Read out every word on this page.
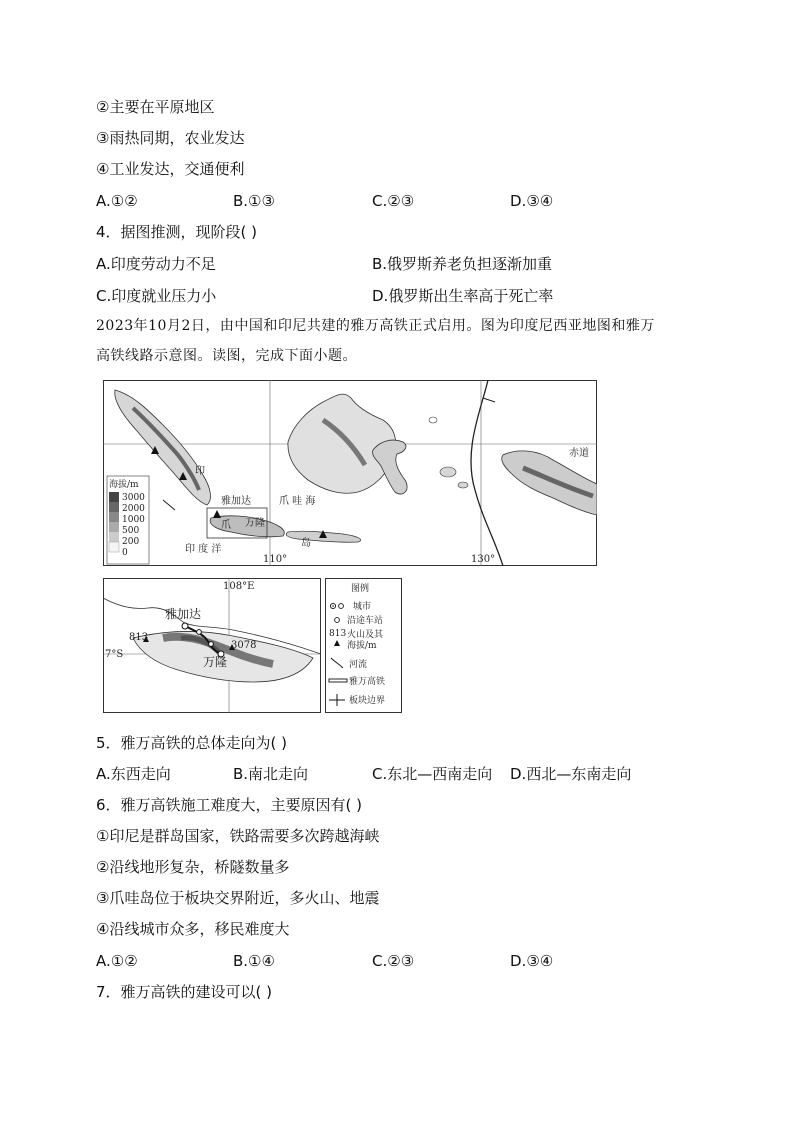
②主要在平原地区
③雨热同期，农业发达
④工业发达，交通便利
A.①②	B.①③	C.②③	D.③④
4．据图推测，现阶段( )
A.印度劳动力不足	B.俄罗斯养老负担逐渐加重
C.印度就业压力小	D.俄罗斯出生率高于死亡率
2023年10月2日，由中国和印尼共建的雅万高铁正式启用。图为印度尼西亚地图和雅万
高铁线路示意图。读图，完成下面小题。
赤道
110°	130°
雅加达
万隆
爪
爪 哇 海
岛
印 度 洋
印
海拔/m
3000
2000
1000
500
200
0
108°E
7°S
雅加达
万隆
813
3078
图例
城市
沿途车站
813 火山及其
海拔/m
河流
雅万高铁
板块边界
5．雅万高铁的总体走向为( )
A.东西走向	B.南北走向	C.东北—西南走向 D.西北—东南走向
6．雅万高铁施工难度大，主要原因有( )
①印尼是群岛国家，铁路需要多次跨越海峡
②沿线地形复杂，桥隧数量多
③爪哇岛位于板块交界附近，多火山、地震
④沿线城市众多，移民难度大
A.①②	B.①④	C.②③	D.③④
7．雅万高铁的建设可以( )
